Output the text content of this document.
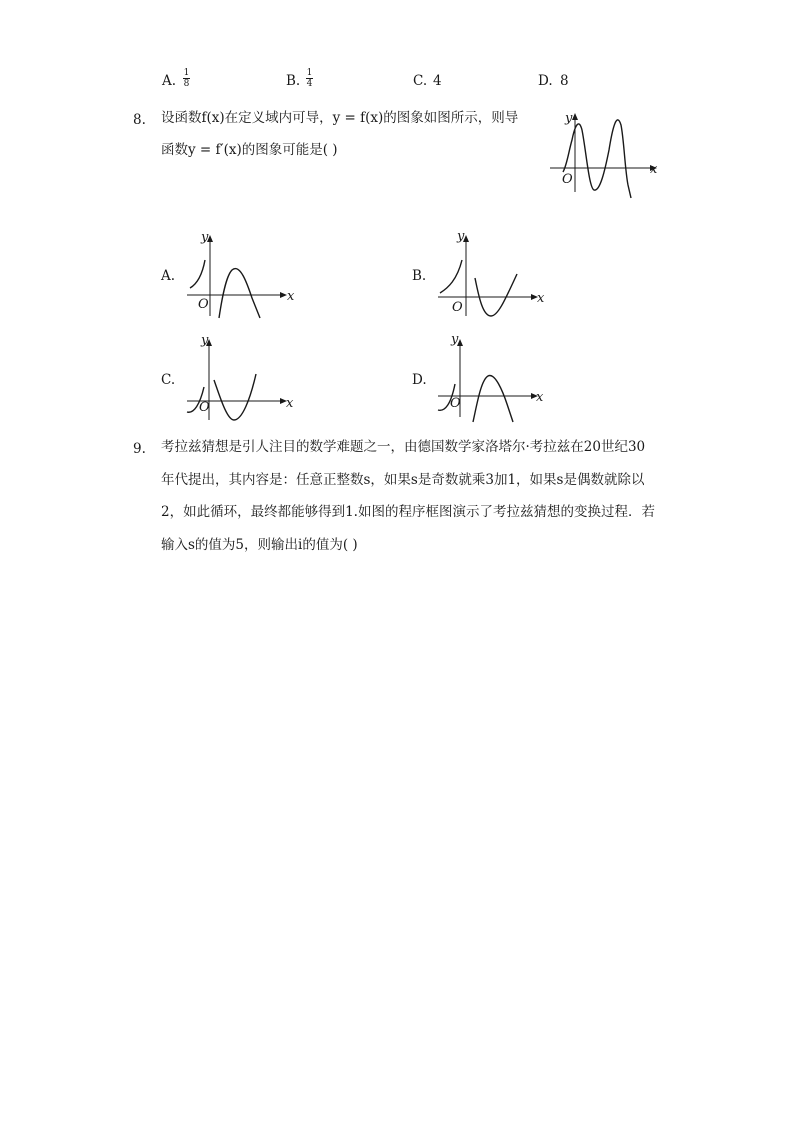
A. 1
8	B. 1
4	C. 4	D. 8
8. 设函数f(x)在定义域内可导，y = f(x)的图象如图所示，则导
函数y = f′(x)的图象可能是( )
x
y
O
A.
x
y
O
B.
x
y
O
C.
x
y
O
D.
x
y
O
9. 考拉兹猜想是引人注目的数学难题之一，由德国数学家洛塔尔·考拉兹在20世纪30
年代提出，其内容是：任意正整数s，如果s是奇数就乘3加1，如果s是偶数就除以
2，如此循环，最终都能够得到1.如图的程序框图演示了考拉兹猜想的变换过程．若
输入s的值为5，则输出i的值为( )
